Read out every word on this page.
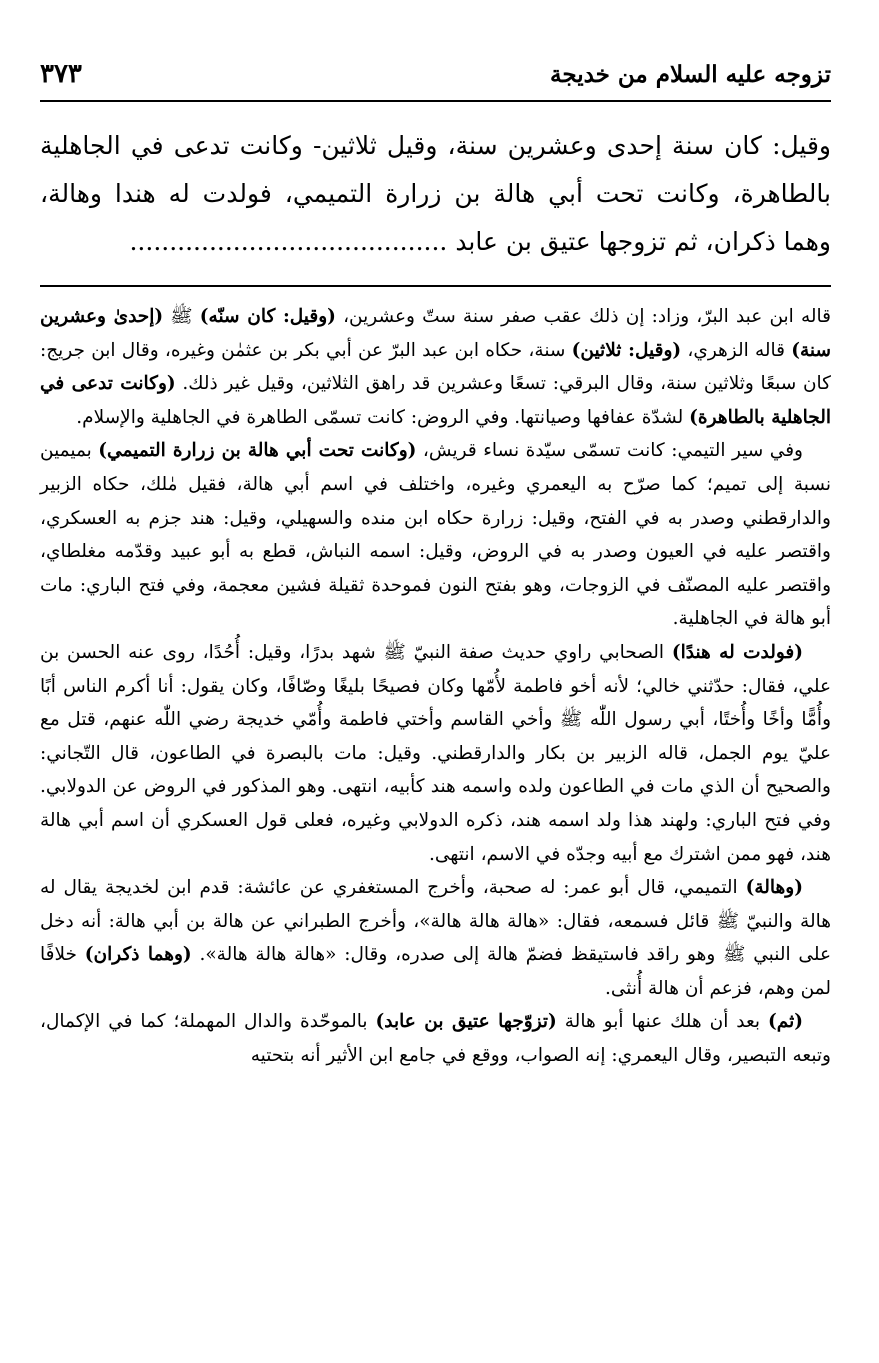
تزوجه عليه السلام من خديجة
٣٧٣

وقيل: كان سنة إحدى وعشرين سنة، وقيل ثلاثين- وكانت تدعى في الجاهلية بالطاهرة، وكانت تحت أبي هالة بن زرارة التميمي، فولدت له هندا وهالة، وهما ذكران، ثم تزوجها عتيق بن عابد ........................................

قاله ابن عبد البرّ، وزاد: إن ذلك عقب صفر سنة ستّ وعشرين، (وقيل: كان سنّه) ﷺ (إحدىٰ وعشرين سنة) قاله الزهري، (وقيل: ثلاثين) سنة، حكاه ابن عبد البرّ عن أبي بكر بن عثمٰن وغيره، وقال ابن جريج: كان سبعًا وثلاثين سنة، وقال البرقي: تسعًا وعشرين قد راهق الثلاثين، وقيل غير ذلك. (وكانت تدعى في الجاهلية بالطاهرة) لشدّة عفافها وصيانتها. وفي الروض: كانت تسمّى الطاهرة في الجاهلية والإسلام.

وفي سير التيمي: كانت تسمّى سيّدة نساء قريش، (وكانت تحت أبي هالة بن زرارة التميمي) بميمين نسبة إلى تميم؛ كما صرّح به اليعمري وغيره، واختلف في اسم أبي هالة، فقيل مٰلك، حكاه الزبير والدارقطني وصدر به في الفتح، وقيل: زرارة حكاه ابن منده والسهيلي، وقيل: هند جزم به العسكري، واقتصر عليه في العيون وصدر به في الروض، وقيل: اسمه النباش، قطع به أبو عبيد وقدّمه مغلطاي، واقتصر عليه المصنّف في الزوجات، وهو بفتح النون فموحدة ثقيلة فشين معجمة، وفي فتح الباري: مات أبو هالة في الجاهلية.

(فولدت له هندًا) الصحابي راوي حديث صفة النبيّ ﷺ شهد بدرًا، وقيل: أُحُدًا، روى عنه الحسن بن علي، فقال: حدّثني خالي؛ لأنه أخو فاطمة لأُمّها وكان فصيحًا بليغًا وصّافًا، وكان يقول: أنا أكرم الناس أبًا وأُمًّا وأخًا وأُختًا، أبي رسول اللّٰه ﷺ وأخي القاسم وأختي فاطمة وأُمّي خديجة رضي اللّٰه عنهم، قتل مع عليّ يوم الجمل، قاله الزبير بن بكار والدارقطني. وقيل: مات بالبصرة في الطاعون، قال التّجاني: والصحيح أن الذي مات في الطاعون ولده واسمه هند كأبيه، انتهى. وهو المذكور في الروض عن الدولابي. وفي فتح الباري: ولهند هذا ولد اسمه هند، ذكره الدولابي وغيره، فعلى قول العسكري أن اسم أبي هالة هند، فهو ممن اشترك مع أبيه وجدّه في الاسم، انتهى.

(وهالة) التميمي، قال أبو عمر: له صحبة، وأخرج المستغفري عن عائشة: قدم ابن لخديجة يقال له هالة والنبيّ ﷺ قائل فسمعه، فقال: «هالة هالة هالة»، وأخرج الطبراني عن هالة بن أبي هالة: أنه دخل على النبي ﷺ وهو راقد فاستيقظ فضمّ هالة إلى صدره، وقال: «هالة هالة هالة». (وهما ذكران) خلافًا لمن وهم، فزعم أن هالة أُنثى.

(ثم) بعد أن هلك عنها أبو هالة (تزوّجها عتيق بن عابد) بالموحّدة والدال المهملة؛ كما في الإكمال، وتبعه التبصير، وقال اليعمري: إنه الصواب، ووقع في جامع ابن الأثير أنه بتحتيه
